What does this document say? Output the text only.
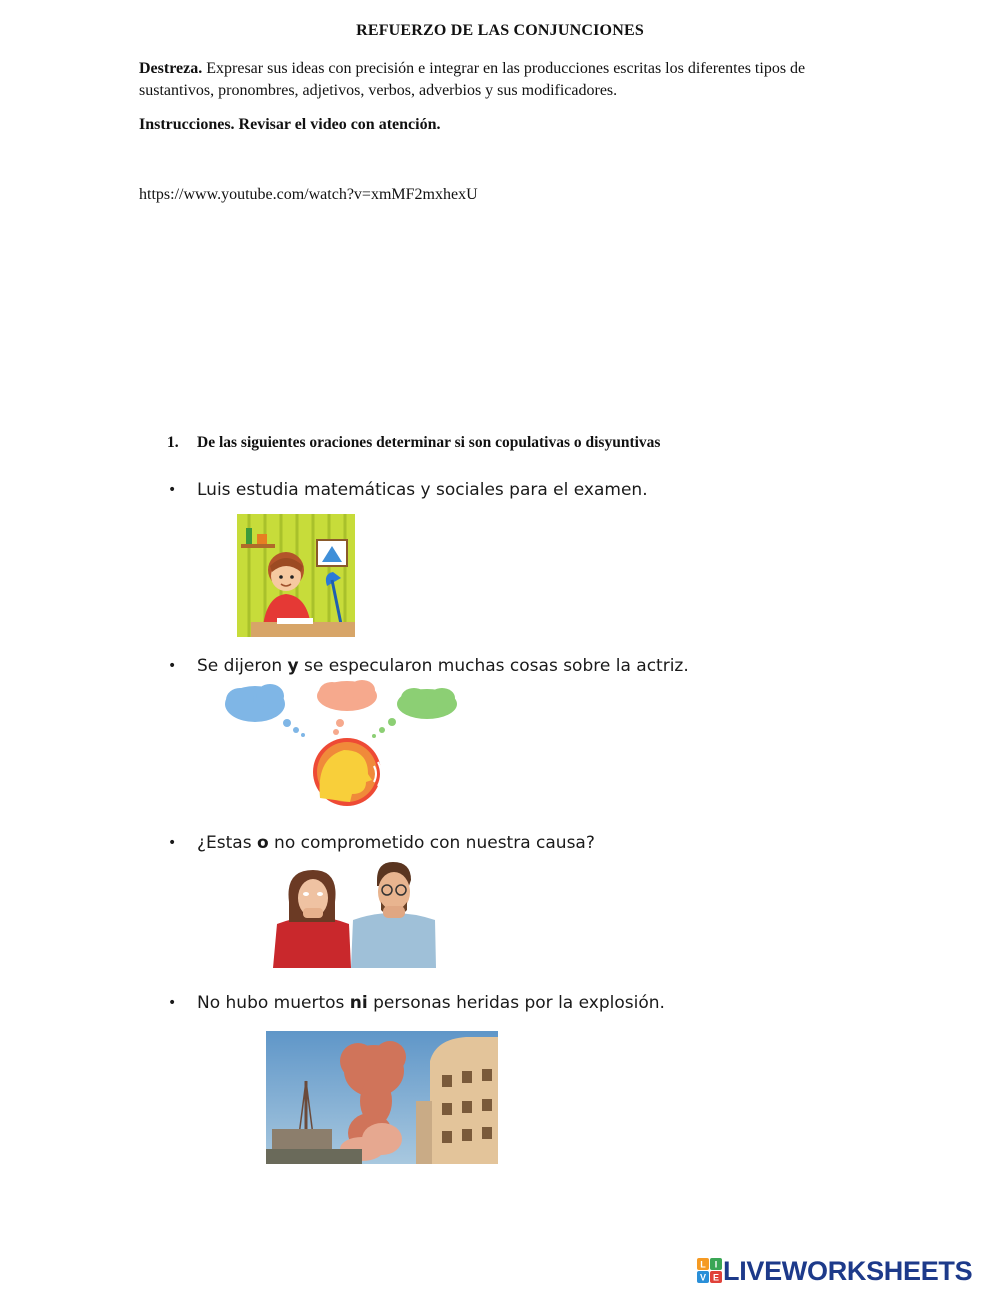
REFUERZO DE LAS CONJUNCIONES
Destreza. Expresar sus ideas con precisión e integrar en las producciones escritas los diferentes tipos de sustantivos, pronombres, adjetivos, verbos, adverbios y sus modificadores.
Instrucciones. Revisar el video con atención.
https://www.youtube.com/watch?v=xmMF2mxhexU
1. De las siguientes oraciones determinar si son copulativas o disyuntivas
• Luis estudia matemáticas y sociales para el examen.
• Se dijeron y se especularon muchas cosas sobre la actriz.
• ¿Estas o no comprometido con nuestra causa?
• No hubo muertos ni personas heridas por la explosión.
L I
V E LIVEWORKSHEETS
